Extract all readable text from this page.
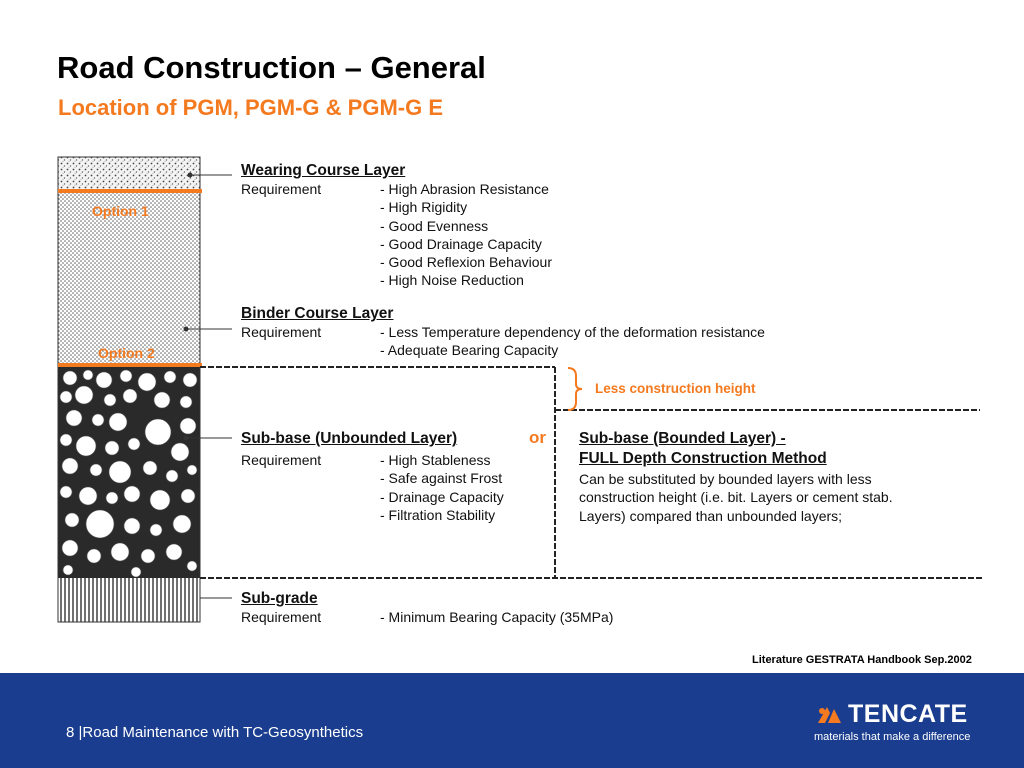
Road Construction – General
Location of PGM, PGM-G & PGM-G E
Option 1
Option 2
Wearing Course Layer
Requirement	- High Abrasion Resistance
- High Rigidity
- Good Evenness
- Good Drainage Capacity
- Good Reflexion Behaviour
- High Noise Reduction
Binder Course Layer
Requirement	- Less Temperature dependency of the deformation resistance
- Adequate Bearing Capacity
Less construction height
Sub-base (Unbounded Layer)	or
Requirement	- High Stableness
- Safe against Frost
- Drainage Capacity
- Filtration Stability
Sub-base (Bounded Layer) -
FULL Depth Construction Method
Can be substituted by bounded layers with less
construction height (i.e. bit. Layers or cement stab.
Layers) compared than unbounded layers;
Sub-grade
Requirement	- Minimum Bearing Capacity (35MPa)
Literature GESTRATA Handbook Sep.2002
8 |Road Maintenance with TC-Geosynthetics
TENCATE
materials that make a difference
